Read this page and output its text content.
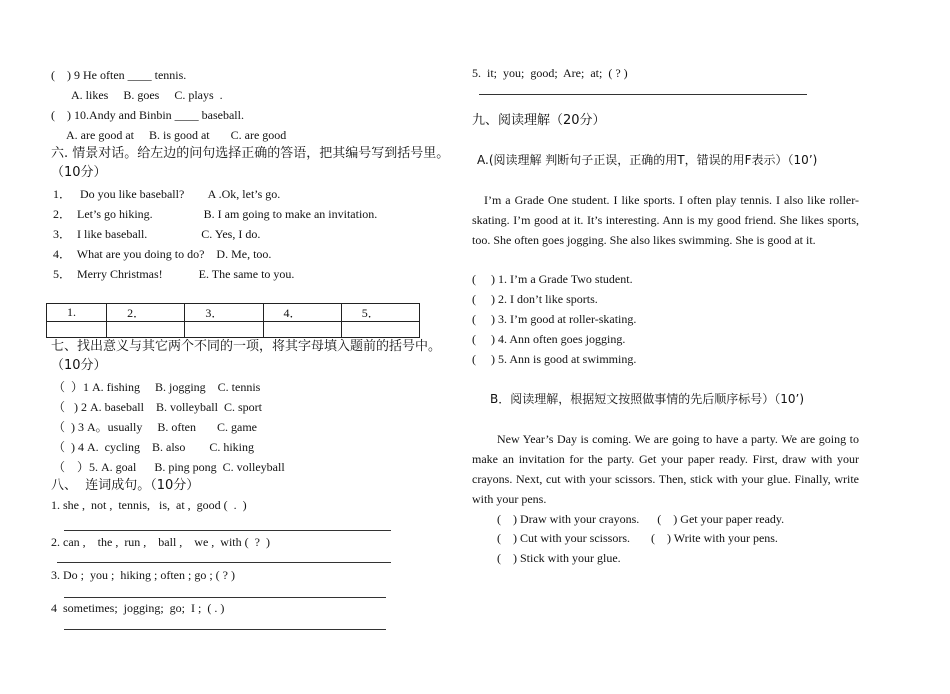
(    ) 9 He often ____ tennis.
A. likes     B. goes     C. plays  .
(    ) 10.Andy and Binbin ____ baseball.
A. are good at     B. is good at       C. are good
六. 情景对话。给左边的问句选择正确的答语，把其编号写到括号里。
（10分）
1．   Do you like baseball?        A .Ok, let’s go.
2．  Let’s go hiking.                 B. I am going to make an invitation.
3．  I like baseball.                  C. Yes, I do.
4．  What are you doing to do?    D. Me, too.
5．  Merry Christmas!            E. The same to you.
1.	2．	3．	4．	5．

七、找出意义与其它两个不同的一项，将其字母填入题前的括号中。
（10分）
（  ）1 A. fishing     B. jogging    C. tennis
（   ) 2 A. baseball    B. volleyball  C. sport
（  ) 3 A。usually     B. often       C. game
（  ) 4 A.  cycling    B. also        C. hiking
（    ）5. A. goal      B. ping pong  C. volleyball
八、  连词成句。（10分）
1. she ,  not ,  tennis,   is,  at ,  good (  .  )
2. can ,    the ,  run ,    ball ,    we ,  with (  ?  )
3. Do ;  you ;  hiking ; often ; go ; ( ? )
4  sometimes;  jogging;  go;  I ;  ( . )
5.  it;  you;  good;  Are;  at;  ( ? )
九、阅读理解（20分）
A.(阅读理解 判断句子正误，正确的用T，错误的用F表示）（10’)
I’m a Grade One student. I like sports. I often play tennis. I also like roller-skating. I’m good at it. It’s interesting. Ann is my good friend. She likes sports, too. She often goes jogging. She also likes swimming. She is good at it.
(     ) 1. I’m a Grade Two student.
(     ) 2. I don’t like sports.
(     ) 3. I’m good at roller-skating.
(     ) 4. Ann often goes jogging.
(     ) 5. Ann is good at swimming.
B．阅读理解，根据短文按照做事情的先后顺序标号）（10’)
New Year’s Day is coming. We are going to have a party. We are going to make an invitation for the party. Get your paper ready. First, draw with your crayons. Next, cut with your scissors. Then, stick with your glue. Finally, write with your pens.
(    ) Draw with your crayons.      (    ) Get your paper ready.
(    ) Cut with your scissors.       (    ) Write with your pens.
(    ) Stick with your glue.
